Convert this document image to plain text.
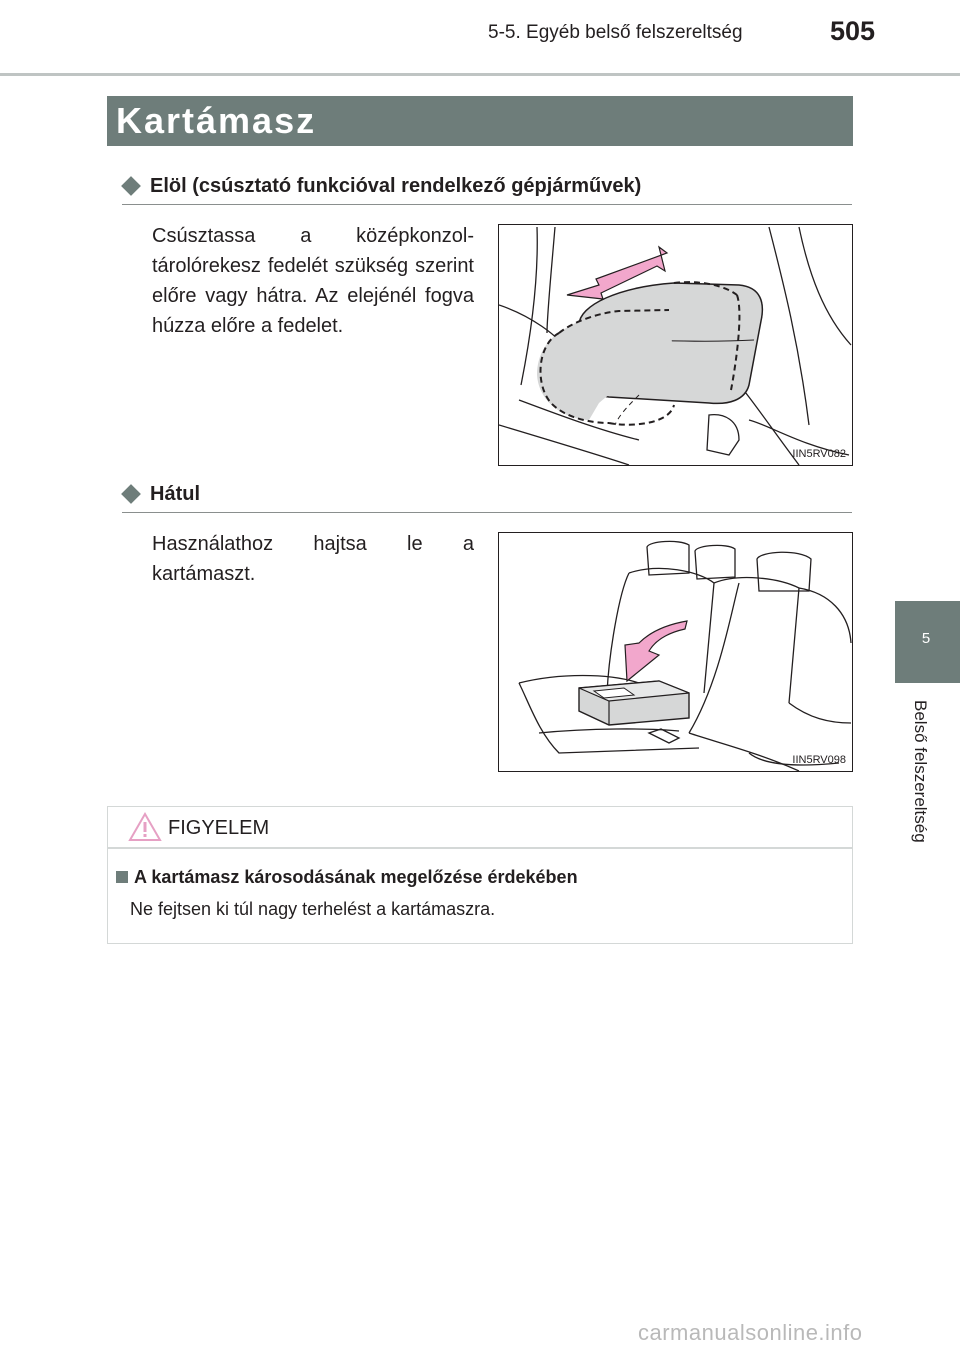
5-5. Egyéb belső felszereltség	505
Kartámasz
Elöl (csúsztató funkcióval rendelkező gépjárművek)
Csúsztassa a középkonzol-tárolórekesz fedelét szükség szerint előre vagy hátra. Az elejénél fogva húzza előre a fedelet.
IIN5RV082
Hátul
Használathoz hajtsa le a kartámaszt.
IIN5RV098
5
Belső felszereltség
FIGYELEM
A kartámasz károsodásának megelőzése érdekében
Ne fejtsen ki túl nagy terhelést a kartámaszra.
carmanualsonline.info
